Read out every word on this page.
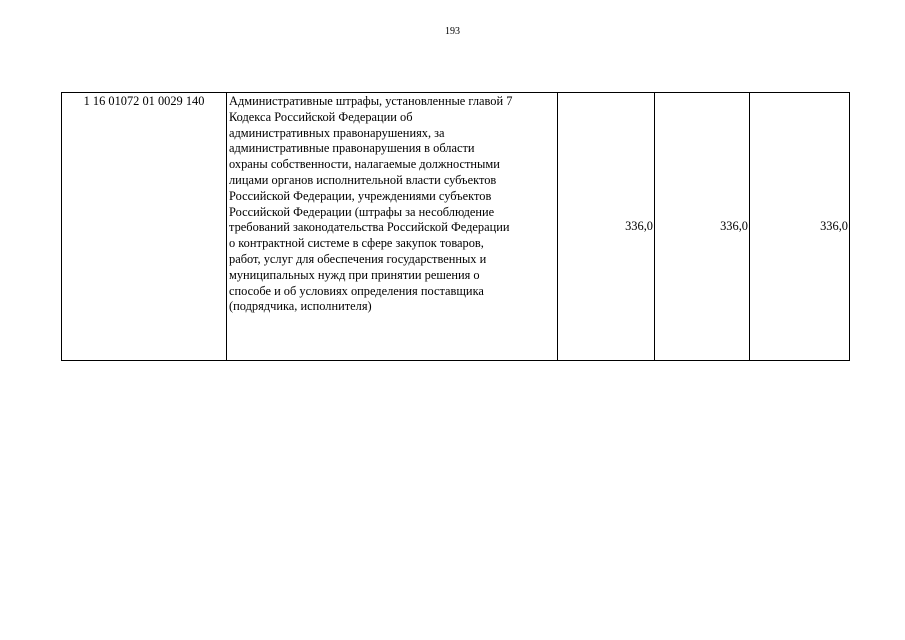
193
1 16 01072 01 0029 140	Административные штрафы, установленные главой 7
Кодекса Российской Федерации об
административных правонарушениях, за
административные правонарушения в области
охраны собственности, налагаемые должностными
лицами органов исполнительной власти субъектов
Российской Федерации, учреждениями субъектов
Российской Федерации (штрафы за несоблюдение
требований законодательства Российской Федерации
о контрактной системе в сфере закупок товаров,
работ, услуг для обеспечения государственных и
муниципальных нужд при принятии решения о
способе и об условиях определения поставщика
(подрядчика, исполнителя)
	336,0	336,0	336,0
